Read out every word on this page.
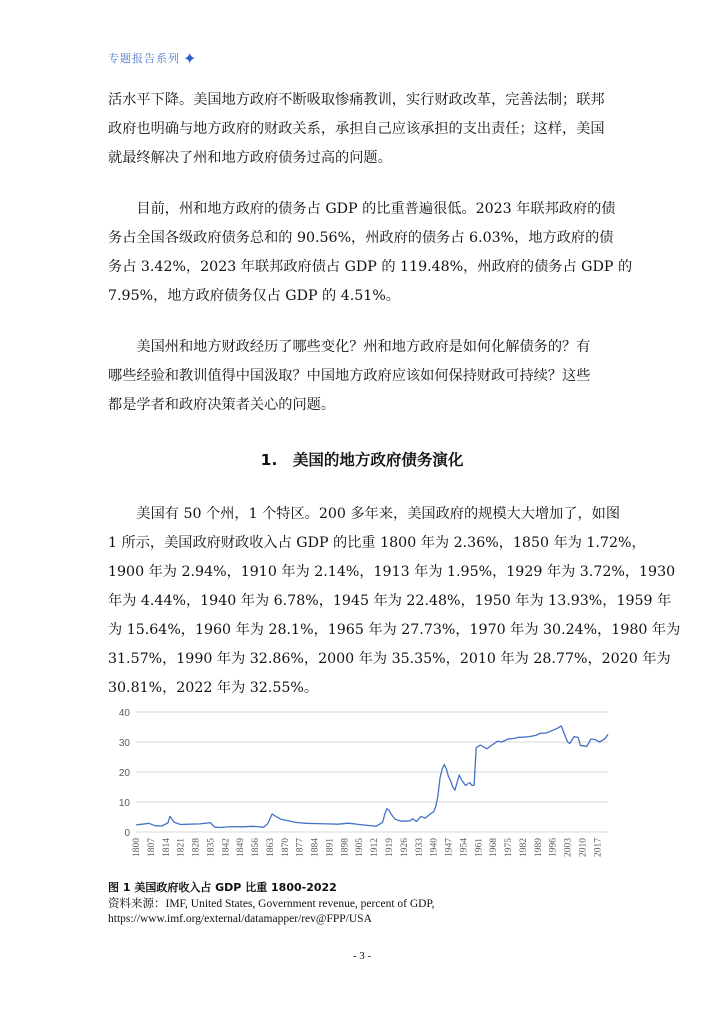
专题报告系列 ✦
活水平下降。美国地方政府不断吸取惨痛教训，实行财政改革，完善法制；联邦
政府也明确与地方政府的财政关系，承担自己应该承担的支出责任；这样，美国
就最终解决了州和地方政府债务过高的问题。
　　目前，州和地方政府的债务占 GDP 的比重普遍很低。2023 年联邦政府的债
务占全国各级政府债务总和的 90.56%，州政府的债务占 6.03%，地方政府的债
务占 3.42%，2023 年联邦政府债占 GDP 的 119.48%，州政府的债务占 GDP 的
7.95%，地方政府债务仅占 GDP 的 4.51%。
　　美国州和地方财政经历了哪些变化？州和地方政府是如何化解债务的？有
哪些经验和教训值得中国汲取？中国地方政府应该如何保持财政可持续？这些
都是学者和政府决策者关心的问题。
1.　美国的地方政府债务演化
　　美国有 50 个州，1 个特区。200 多年来，美国政府的规模大大增加了，如图
1 所示，美国政府财政收入占 GDP 的比重 1800 年为 2.36%，1850 年为 1.72%，
1900 年为 2.94%，1910 年为 2.14%，1913 年为 1.95%，1929 年为 3.72%，1930
年为 4.44%，1940 年为 6.78%，1945 年为 22.48%，1950 年为 13.93%，1959 年
为 15.64%，1960 年为 28.1%，1965 年为 27.73%，1970 年为 30.24%，1980 年为
31.57%，1990 年为 32.86%，2000 年为 35.35%，2010 年为 28.77%，2020 年为
30.81%，2022 年为 32.55%。
0
10
20
30
40
1800 1807 1814 1821 1828 1835 1842 1849 1856 1863 1870 1877 1884 1891 1898 1905 1912 1919 1926 1933 1940 1947 1954 1961 1968 1975 1982 1989 1996 2003 2010 2017
图 1 美国政府收入占 GDP 比重 1800-2022
资料来源：IMF, United States, Government revenue, percent of GDP,
https://www.imf.org/external/datamapper/rev@FPP/USA
- 3 -
